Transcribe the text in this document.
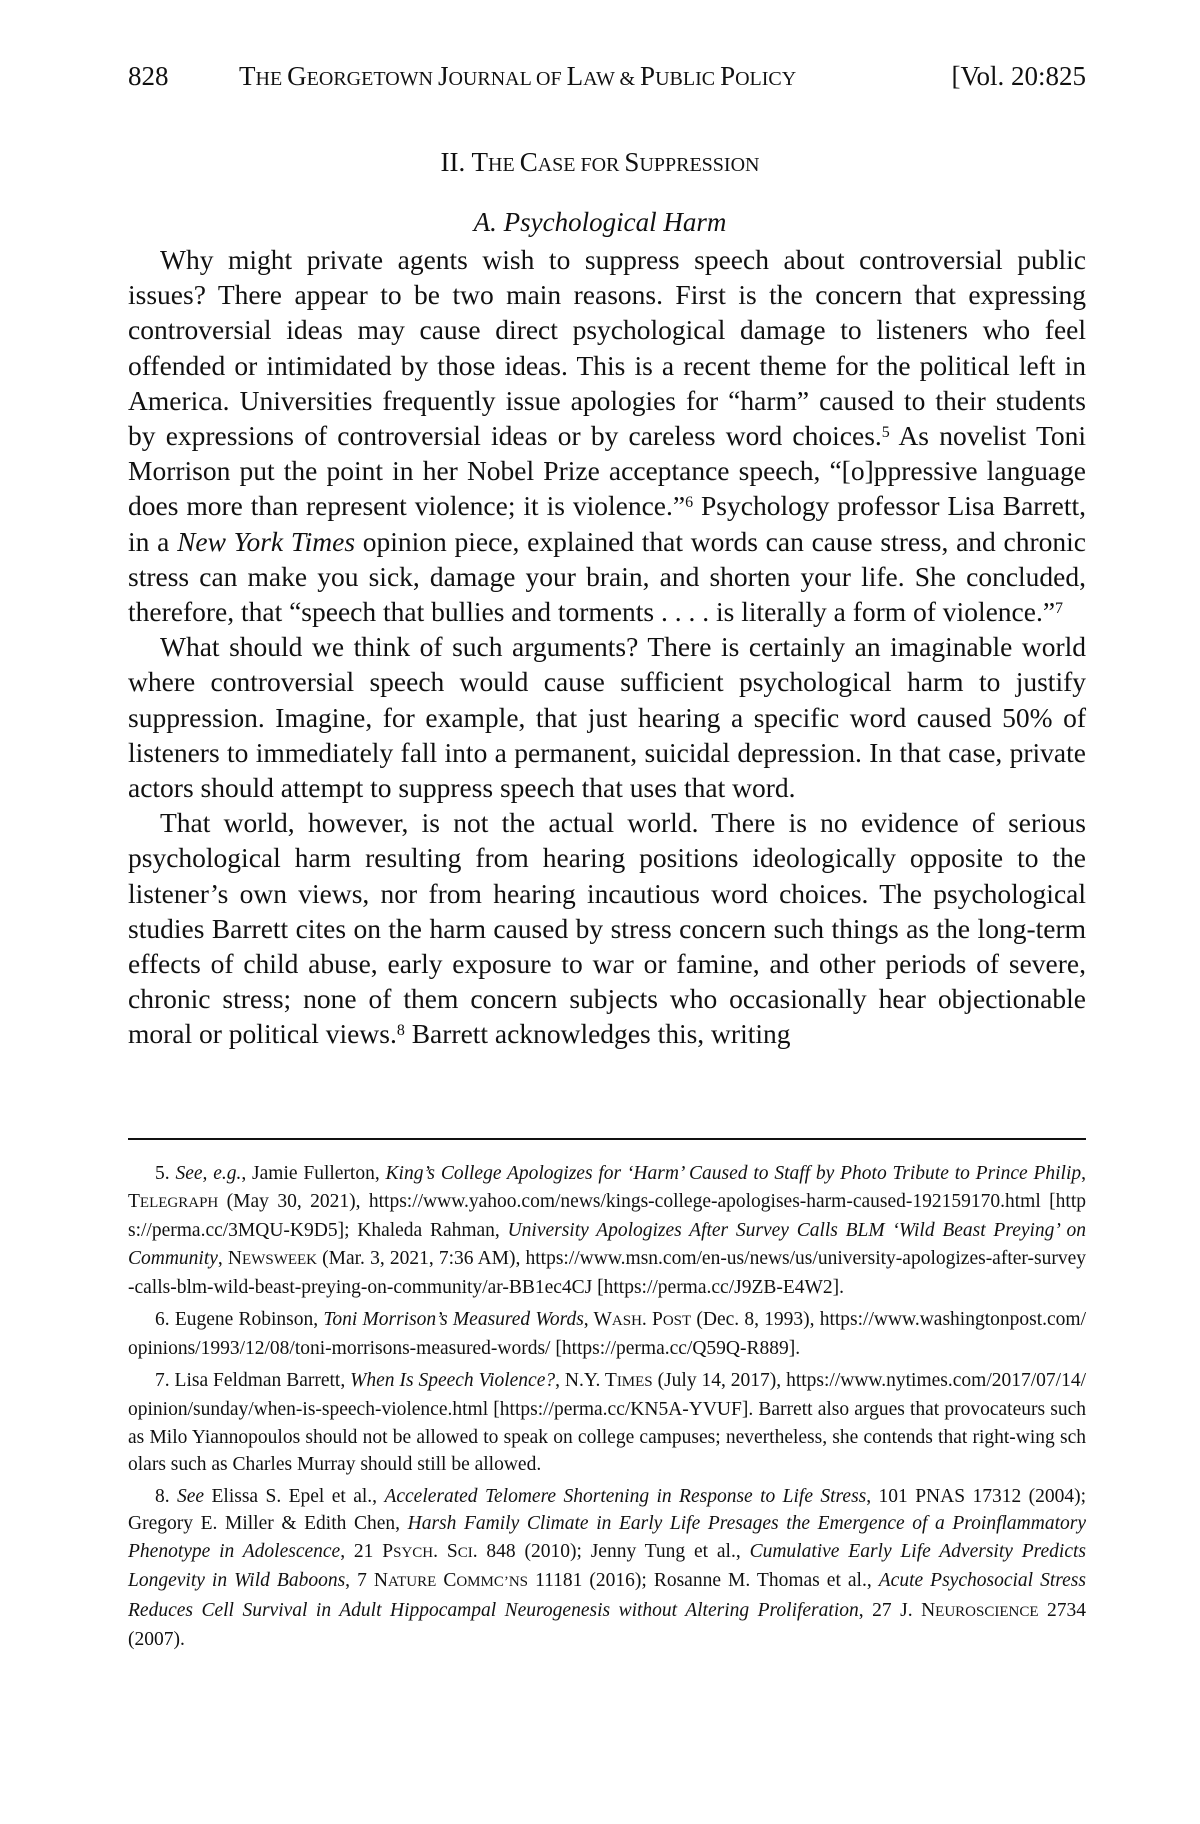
828	THE GEORGETOWN JOURNAL OF LAW & PUBLIC POLICY	[Vol. 20:825
II. THE CASE FOR SUPPRESSION
A. Psychological Harm

Why might private agents wish to suppress speech about controversial public issues? There appear to be two main reasons. First is the concern that expressing controversial ideas may cause direct psychological damage to listeners who feel offended or intimidated by those ideas. This is a recent theme for the political left in America. Universities frequently issue apologies for “harm” caused to their students by expressions of controversial ideas or by careless word choices.$^5$ As novelist Toni Morrison put the point in her Nobel Prize acceptance speech, “[o]ppressive language does more than represent violence; it is violence.”$^6$ Psychology professor Lisa Barrett, in a New York Times opinion piece, explained that words can cause stress, and chronic stress can make you sick, damage your brain, and shorten your life. She concluded, therefore, that “speech that bullies and torments . . . . is literally a form of violence.”$^7$

What should we think of such arguments? There is certainly an imaginable world where controversial speech would cause sufficient psychological harm to justify suppression. Imagine, for example, that just hearing a specific word caused 50% of listeners to immediately fall into a permanent, suicidal depression. In that case, private actors should attempt to suppress speech that uses that word.

That world, however, is not the actual world. There is no evidence of serious psychological harm resulting from hearing positions ideologically opposite to the listener’s own views, nor from hearing incautious word choices. The psychological studies Barrett cites on the harm caused by stress concern such things as the long-term effects of child abuse, early exposure to war or famine, and other periods of severe, chronic stress; none of them concern subjects who occasionally hear objectionable moral or political views.$^8$ Barrett acknowledges this, writing

5. See, e.g., Jamie Fullerton, King’s College Apologizes for ‘Harm’ Caused to Staff by Photo Tribute to Prince Philip, TELEGRAPH (May 30, 2021), https://www.yahoo.com/news/kings-college-apologises-harm-caused-192159170.html [https://perma.cc/3MQU-K9D5]; Khaleda Rahman, University Apologizes After Survey Calls BLM ‘Wild Beast Preying’ on Community, NEWSWEEK (Mar. 3, 2021, 7:36 AM), https://www.msn.com/en-us/news/us/university-apologizes-after-survey-calls-blm-wild-beast-preying-on-community/ar-BB1ec4CJ [https://perma.cc/J9ZB-E4W2].

6. Eugene Robinson, Toni Morrison’s Measured Words, WASH. POST (Dec. 8, 1993), https://www.washingtonpost.com/opinions/1993/12/08/toni-morrisons-measured-words/ [https://perma.cc/Q59Q-R889].

7. Lisa Feldman Barrett, When Is Speech Violence?, N.Y. TIMES (July 14, 2017), https://www.nytimes.com/2017/07/14/opinion/sunday/when-is-speech-violence.html [https://perma.cc/KN5A-YVUF]. Barrett also argues that provocateurs such as Milo Yiannopoulos should not be allowed to speak on college campuses; nevertheless, she contends that right-wing scholars such as Charles Murray should still be allowed.

8. See Elissa S. Epel et al., Accelerated Telomere Shortening in Response to Life Stress, 101 PNAS 17312 (2004); Gregory E. Miller & Edith Chen, Harsh Family Climate in Early Life Presages the Emergence of a Proinflammatory Phenotype in Adolescence, 21 PSYCH. SCI. 848 (2010); Jenny Tung et al., Cumulative Early Life Adversity Predicts Longevity in Wild Baboons, 7 NATURE COMMC’NS 11181 (2016); Rosanne M. Thomas et al., Acute Psychosocial Stress Reduces Cell Survival in Adult Hippocampal Neurogenesis without Altering Proliferation, 27 J. NEUROSCIENCE 2734 (2007).
